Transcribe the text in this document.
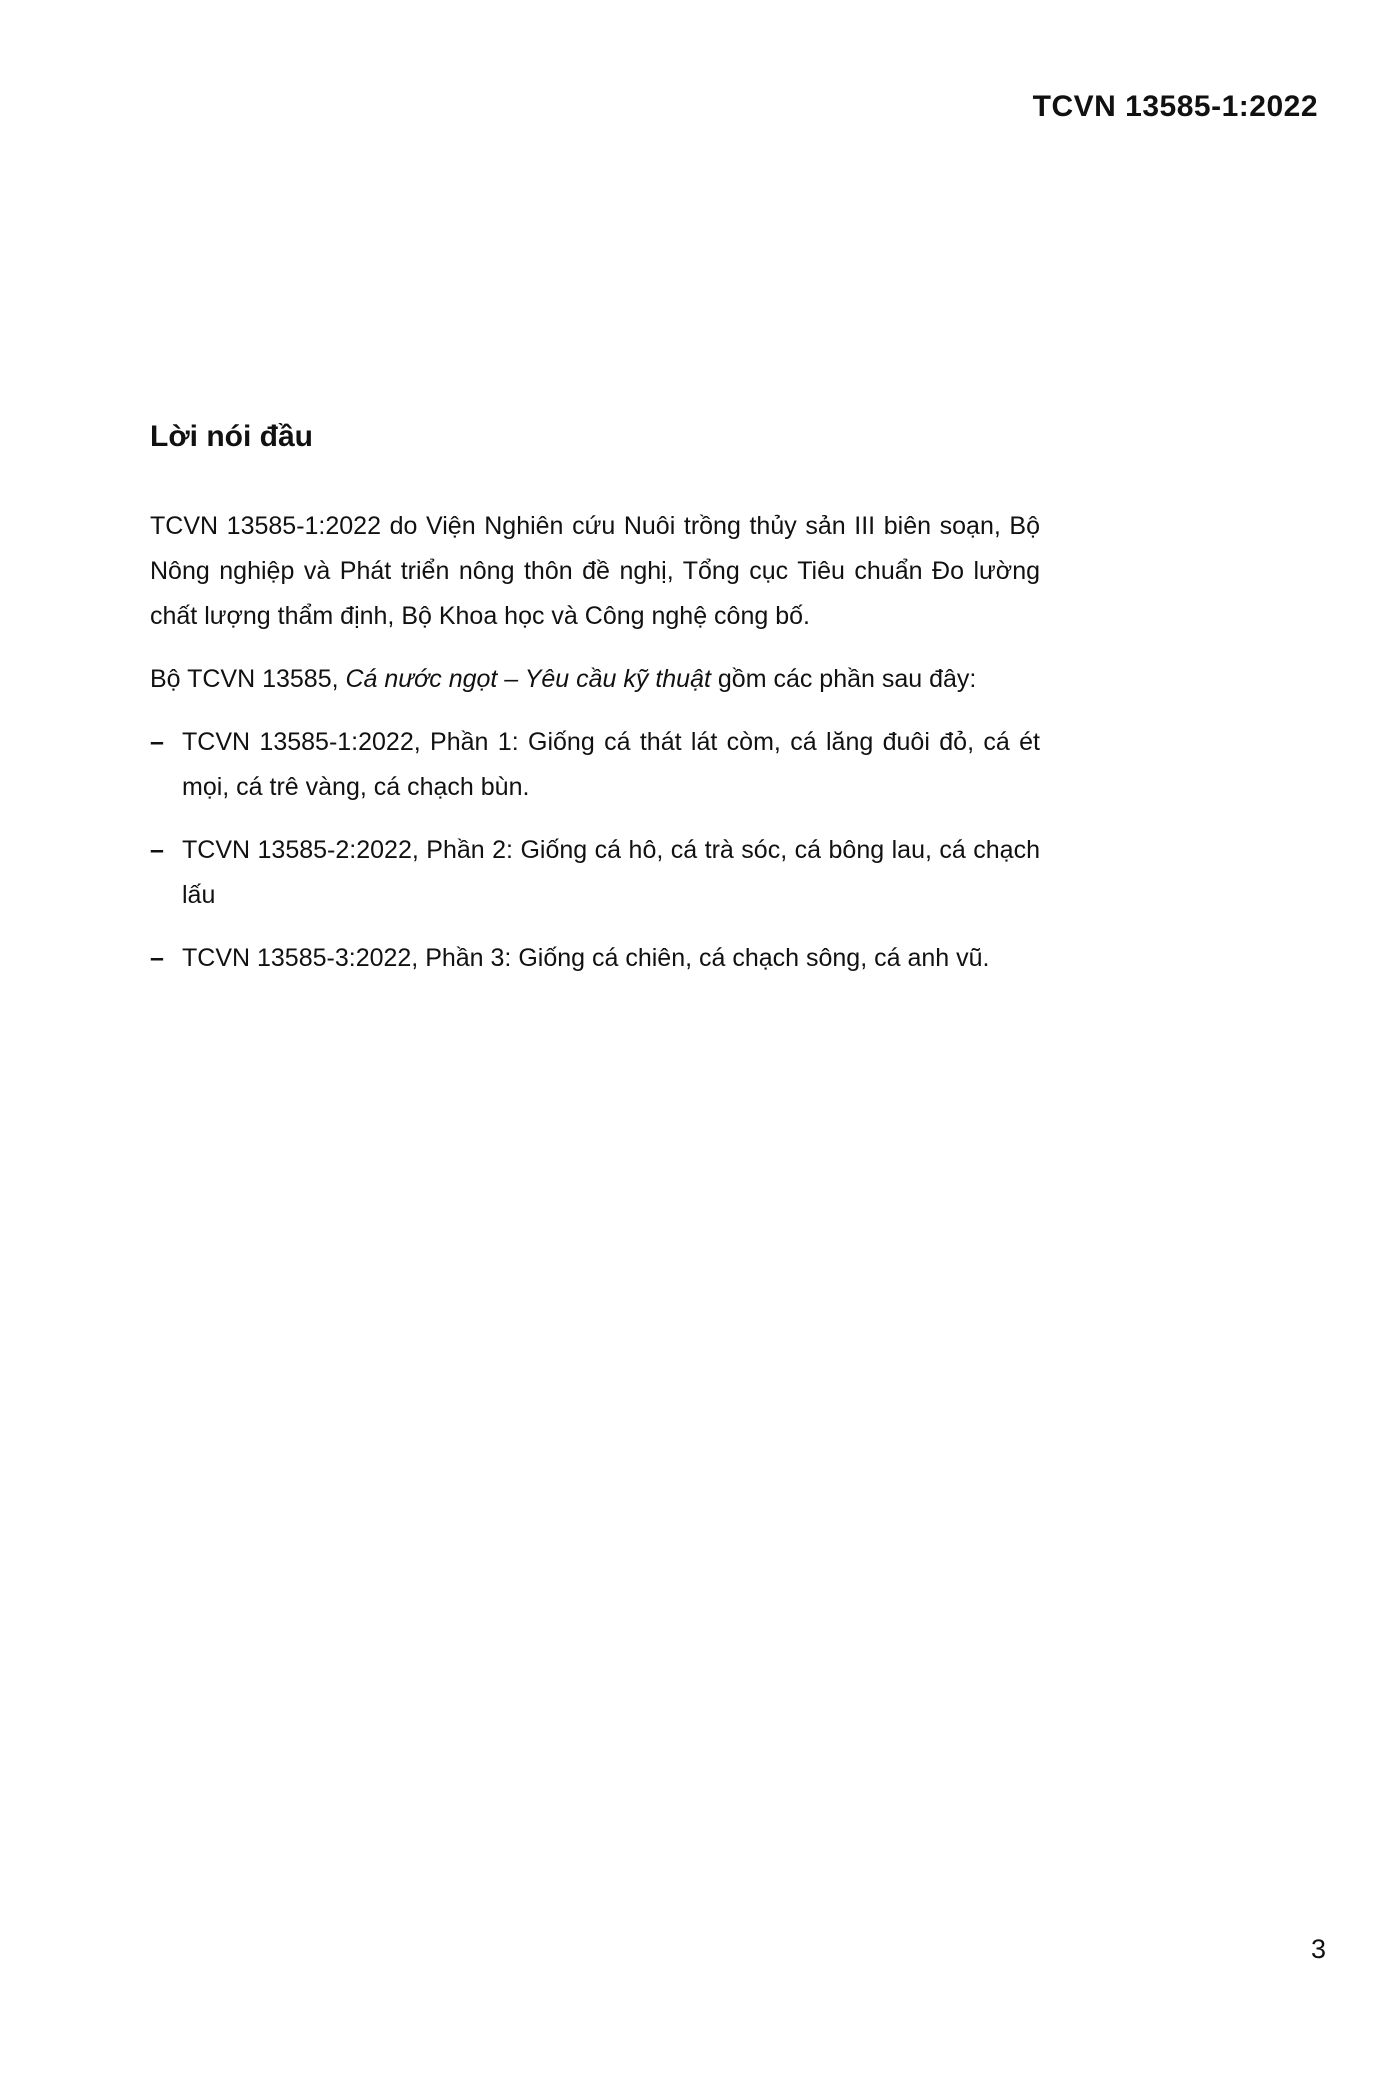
TCVN 13585-1:2022
Lời nói đầu

TCVN 13585-1:2022 do Viện Nghiên cứu Nuôi trồng thủy sản III biên soạn, Bộ Nông nghiệp và Phát triển nông thôn đề nghị, Tổng cục Tiêu chuẩn Đo lường chất lượng thẩm định, Bộ Khoa học và Công nghệ công bố.

Bộ TCVN 13585, Cá nước ngọt – Yêu cầu kỹ thuật gồm các phần sau đây:

– TCVN 13585-1:2022, Phần 1: Giống cá thát lát còm, cá lăng đuôi đỏ, cá ét mọi, cá trê vàng, cá chạch bùn.
– TCVN 13585-2:2022, Phần 2: Giống cá hô, cá trà sóc, cá bông lau, cá chạch lấu
– TCVN 13585-3:2022, Phần 3: Giống cá chiên, cá chạch sông, cá anh vũ.
3
